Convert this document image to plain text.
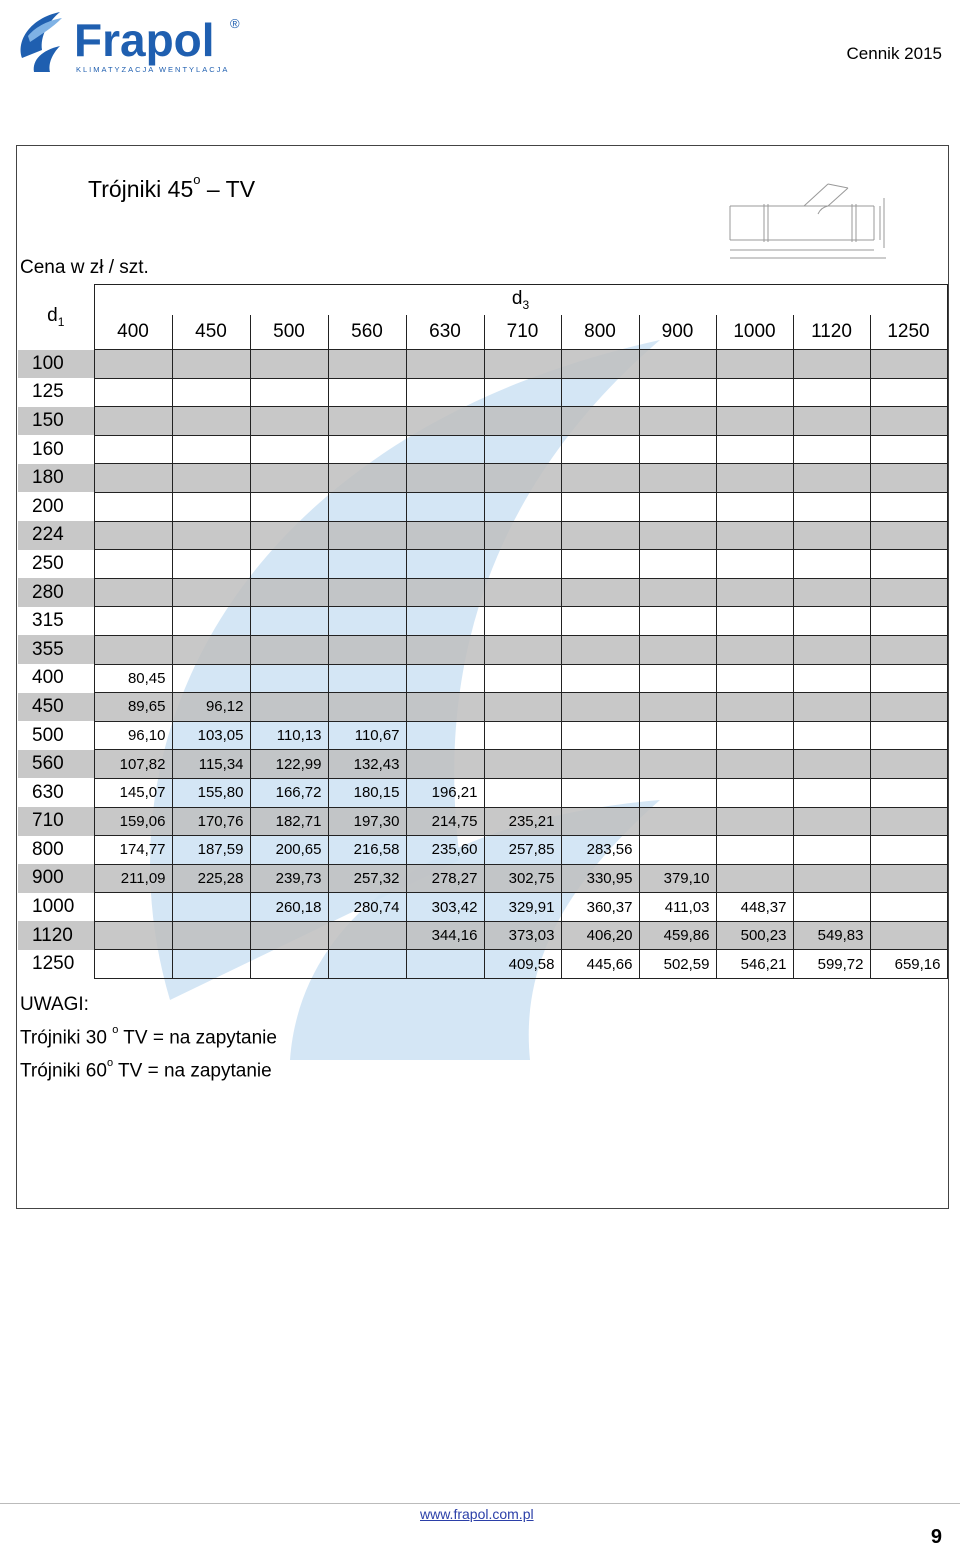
Frapol ®
KLIMATYZACJA WENTYLACJA
Cennik 2015
Trójniki 45$^o$ – TV
Cena w zł / szt.
$d_1$	$d_3$
	400	450	500	560	630	710	800	900	1000	1120	1250
100											
125											
150											
160											
180											
200											
224											
250											
280											
315											
355											
400	80,45										
450	89,65	96,12									
500	96,10	103,05	110,13	110,67							
560	107,82	115,34	122,99	132,43							
630	145,07	155,80	166,72	180,15	196,21						
710	159,06	170,76	182,71	197,30	214,75	235,21					
800	174,77	187,59	200,65	216,58	235,60	257,85	283,56				
900	211,09	225,28	239,73	257,32	278,27	302,75	330,95	379,10			
1000			260,18	280,74	303,42	329,91	360,37	411,03	448,37		
1120					344,16	373,03	406,20	459,86	500,23	549,83	
1250						409,58	445,66	502,59	546,21	599,72	659,16
UWAGI:
Trójniki 30 $^o$ TV = na zapytanie
Trójniki 60$^o$ TV = na zapytanie
www.frapol.com.pl
9
